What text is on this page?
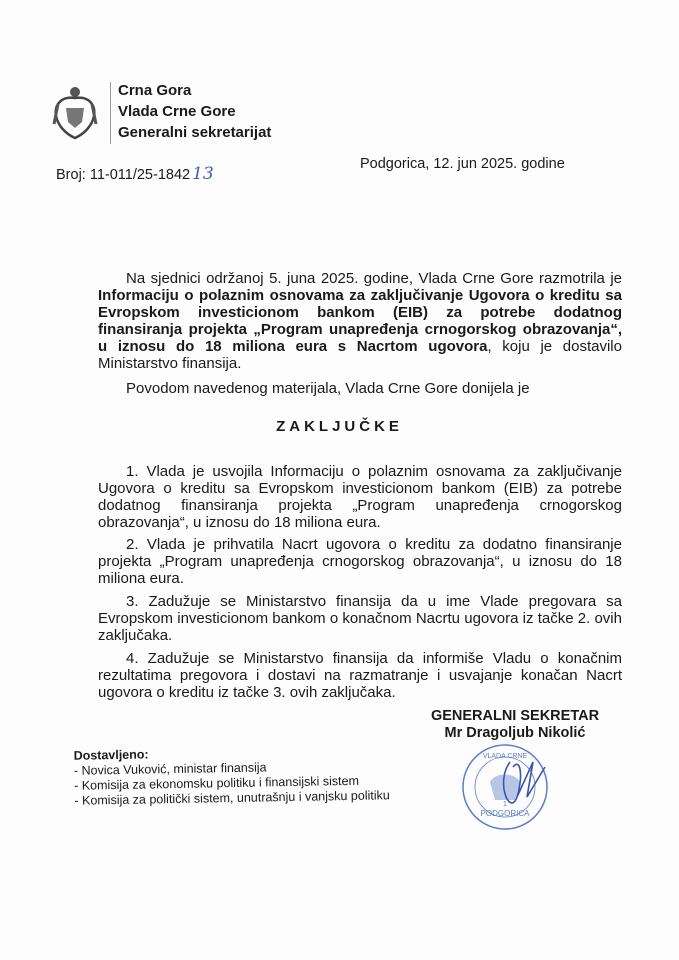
Crna Gora
Vlada Crne Gore
Generalni sekretarijat
Broj: 11-011/25-1842 13	Podgorica, 12. jun 2025. godine
Na sjednici održanoj 5. juna 2025. godine, Vlada Crne Gore razmotrila je Informaciju o polaznim osnovama za zaključivanje Ugovora o kreditu sa Evropskom investicionom bankom (EIB) za potrebe dodatnog finansiranja projekta „Program unapređenja crnogorskog obrazovanja“, u iznosu do 18 miliona eura s Nacrtom ugovora, koju je dostavilo Ministarstvo finansija.
Povodom navedenog materijala, Vlada Crne Gore donijela je
ZAKLJUČKE
1. Vlada je usvojila Informaciju o polaznim osnovama za zaključivanje Ugovora o kreditu sa Evropskom investicionom bankom (EIB) za potrebe dodatnog finansiranja projekta „Program unapređenja crnogorskog obrazovanja“, u iznosu do 18 miliona eura.
2. Vlada je prihvatila Nacrt ugovora o kreditu za dodatno finansiranje projekta „Program unapređenja crnogorskog obrazovanja“, u iznosu do 18 miliona eura.
3. Zadužuje se Ministarstvo finansija da u ime Vlade pregovara sa Evropskom investicionom bankom o konačnom Nacrtu ugovora iz tačke 2. ovih zaključaka.
4. Zadužuje se Ministarstvo finansija da informiše Vladu o konačnim rezultatima pregovora i dostavi na razmatranje i usvajanje konačan Nacrt ugovora o kreditu iz tačke 3. ovih zaključaka.
PODGORICA
1
VLADA CRNE
GENERALNI SEKRETAR
Mr Dragoljub Nikolić
Dostavljeno:
- Novica Vuković, ministar finansija
- Komisija za ekonomsku politiku i finansijski sistem
- Komisija za politički sistem, unutrašnju i vanjsku politiku
